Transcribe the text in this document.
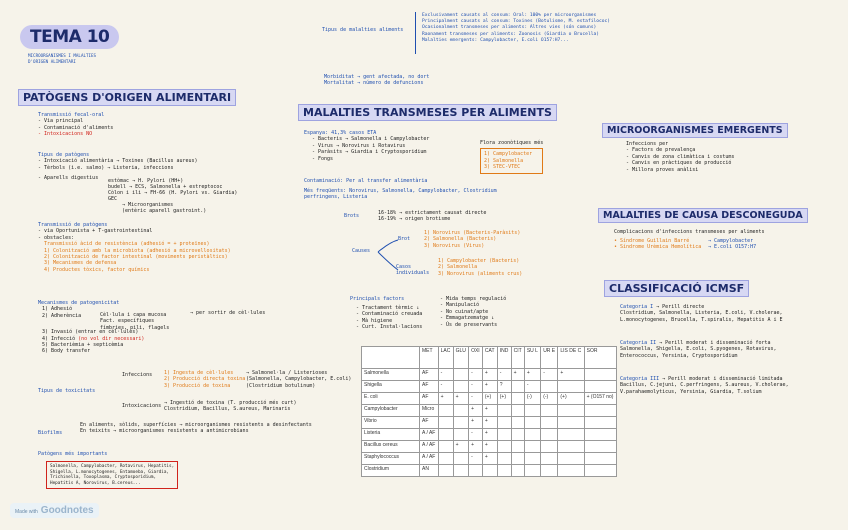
TEMA 10
MICROORGANISMES I MALALTIES
D'ORIGEN ALIMENTARI
PATÒGENS D'ORIGEN ALIMENTARI
Transmissió fecal-oral
- Via principal
- Contaminació d'aliments
- Intoxicacions NO
Tipus de patògens
- Intoxicació alimentària → Toxines (Bacillus aureus)
- Tèrbols (i.e. salmo) → Listeria, infeccions
- Aparells digestius	estòmac → H. Pylori (HH+)
budell → ECS, Salmonella + estreptococ
Còlon i ili → FH-66 (H. Pylori vs. Giardia)
GEC
→ Microorganismes
(entèric aparell gastroint.)
Transmissió de patògens
- via Oportunista + T-gastrointestinal
- obstacles:
Transmissió àcid de resistència (adhesió = + proteïnes)
1) Colonització amb la microbiota (adhesió a microvellositats)
2) Colonització de factor intestinal (moviments peristàltics)
3) Mecanismes de defensa
4) Productes tòxics, factor químics
Mecanismes de patogenicitat
1) Adhesió
2) Adherència
3) Invasió (entrar en cèl·lules)
4) Infecció (no vol dir necessari)
5) Bacterièmia + septicèmia
6) Body transfer
Cèl·lula i capa mucosa
Fact. específiques
fímbries, pili, flagels
→ per sortir de cèl·lules
Tipus de toxicitats
Infeccions
Intoxicacions
1) Ingesta de cèl·lules
2) Producció directa toxina
3) Producció de toxina
→ Salmonel·la / Listerioses
(Salmonella, Campylobacter, E.coli)
(Clostridium botulinum)
→ Ingestió de toxina (T. producció més curt)
Clostridium, Bacillus, S.aureus, Marinaris
Biofilms
En aliments, sòlids, superfícies → microorganismes resistents a desinfectants
En teixits → microorganismes resistents a antimicrobians
Patògens més importants
Salmonella, Campylobacter, Rotavirus, Hepatitis,
Shigella, L.monocytogenes, Entamoeba, Giardia,
Trichinella, Toxoplasma, Cryptosporidium,
Hepatitis A, Norovirus, B.cereus...
Made with Goodnotes
Tipus de malalties aliments
Exclusivament causats al consum: Oral: 100% per microorganismes
Principalment causats al consum: Toxines (Botulisme, M. estafilococ)
Ocasionalment transmeses per aliments: Altres vies (són comuns)
Raonament transmeses per aliments: Zoonosis (Giardia o Brucella)
Malalties emergents: Campylobacter, E.coli O157:H7...
Morbiditat → gent afectada, no dort
Mortalitat → número de defuncions
MALALTIES TRANSMESES PER ALIMENTS
Espanya: 41,3% casos ETA
- Bacteris → Salmonella i Campylobacter
- Virus → Norovirus i Rotavirus
- Paràsits → Giardia i Cryptosporidium
- Fongs
Flora zoonòtiques més
1) Campylobacter
2) Salmonella
3) STEC-VTEC
Contaminació: Per al transfer alimentària
Més freqüents: Norovirus, Salmonella, Campylobacter, Clostridium perfringens, Listeria
Brots	16-18% → estrictament causat directe
16-19% → origen brotisme
Causes
Brot
1) Norovirus (Bacteris-Paràsits)
2) Salmonella (Bacteris)
3) Norovirus (Virus)
Casos individuals
1) Campylobacter (Bacteris)
2) Salmonella
3) Norovirus (aliments crus)
Principals factors
- Tractament tèrmic ↓
- Contaminació creuada
- Mà higiene
- Curt. Instal·lacions
- Mida temps regulació
- Manipulació
- No cuinat/apte
- Emmagatzematge ↓
- Ús de preservants
	MET	LAC	GLU	OXI	CAT	IND	CIT	SU L	UR E	LIS DE C	SOR
Salmonella	AF	-		-	+	-	+	+	-	+	
Shigella	AF	-		-	+	?		-			
E. coli	AF	+	+	-	(+)	(+)		(-)	(-)	(+)	+ (O157 no)
Campylobacter	Micro			+	+						
Vibrio	AF			+	+						
Listeria	A / AF			-	+						
Bacillus cereus	A / AF		+	+	+						
Staphylococcus	A / AF			-	+						
Clostridium	AN										
MICROORGANISMES EMERGENTS
Infeccions per
- Factors de prevalença
- Canvis de zona climàtica i costums
- Canvis en pràctiques de producció
- Millora proves anàlisi
MALALTIES DE CAUSA DESCONEGUDA
Complicacions d'infeccions transmeses per aliments
• Síndrome Guillain Barré
• Síndrome Urèmica Hemolítica
→ Campylobacter
→ E.coli O157:H7
CLASSIFICACIÓ ICMSF
Categoria I → Perill directe
Clostridium, Salmonella, Listeria, E.coli, V.cholerae,
L.monocytogenes, Brucella, T.spiralis, Hepatitis A i E
Categoria II → Perill moderat i disseminació forta
Salmonella, Shigella, E.coli, S.pyogenes, Rotavirus,
Enterococcus, Yersinia, Cryptosporidium
Categoria III → Perill moderat i disseminació limitada
Bacillus, C.jejuni, C.perfringens, S.aureus, V.cholerae,
V.parahaemolyticus, Yersinia, Giardia, T.solium
